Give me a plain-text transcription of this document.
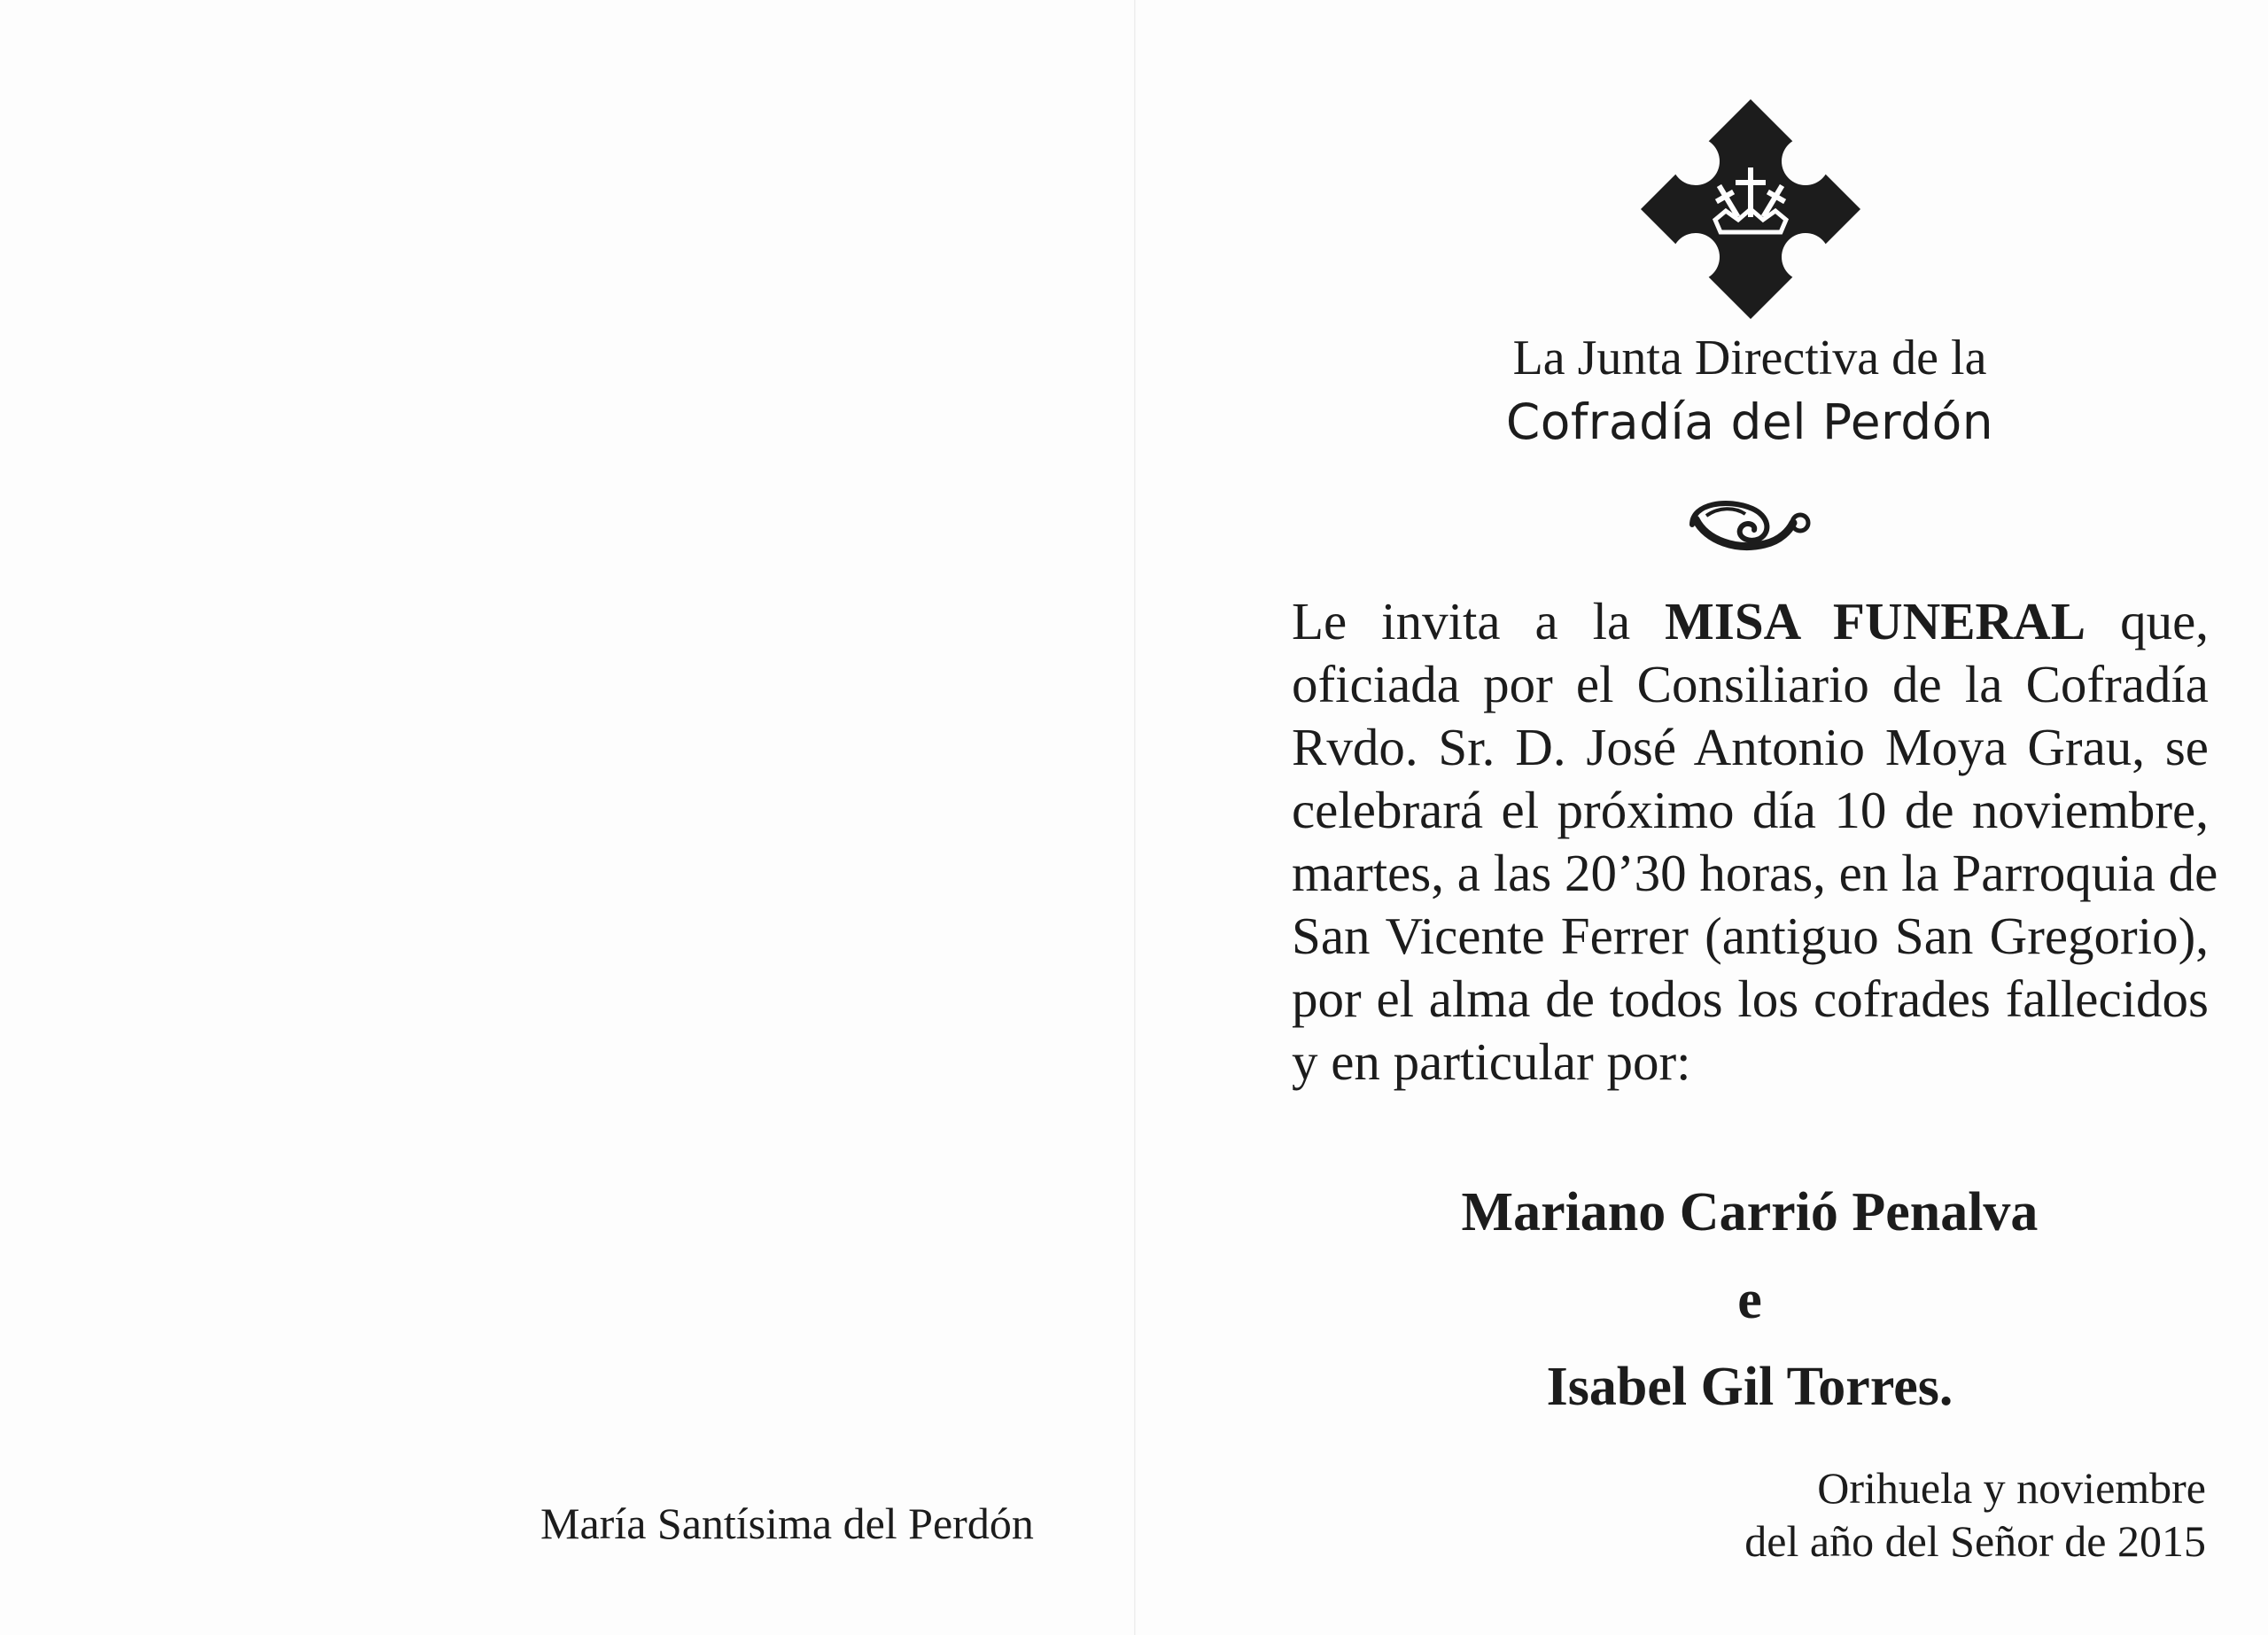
María Santísima del Perdón
La Junta Directiva de la
Cofradía del Perdón
Le invita a la MISA FUNERAL que,
oficiada por el Consiliario de la Cofradía
Rvdo. Sr. D. José Antonio Moya Grau, se
celebrará el próximo día 10 de noviembre,
martes, a las 20’30 horas, en la Parroquia de
San Vicente Ferrer (antiguo San Gregorio),
por el alma de todos los cofrades fallecidos
y en particular por:
Mariano Carrió Penalva
e
Isabel Gil Torres.
Orihuela y noviembre
del año del Señor de 2015
